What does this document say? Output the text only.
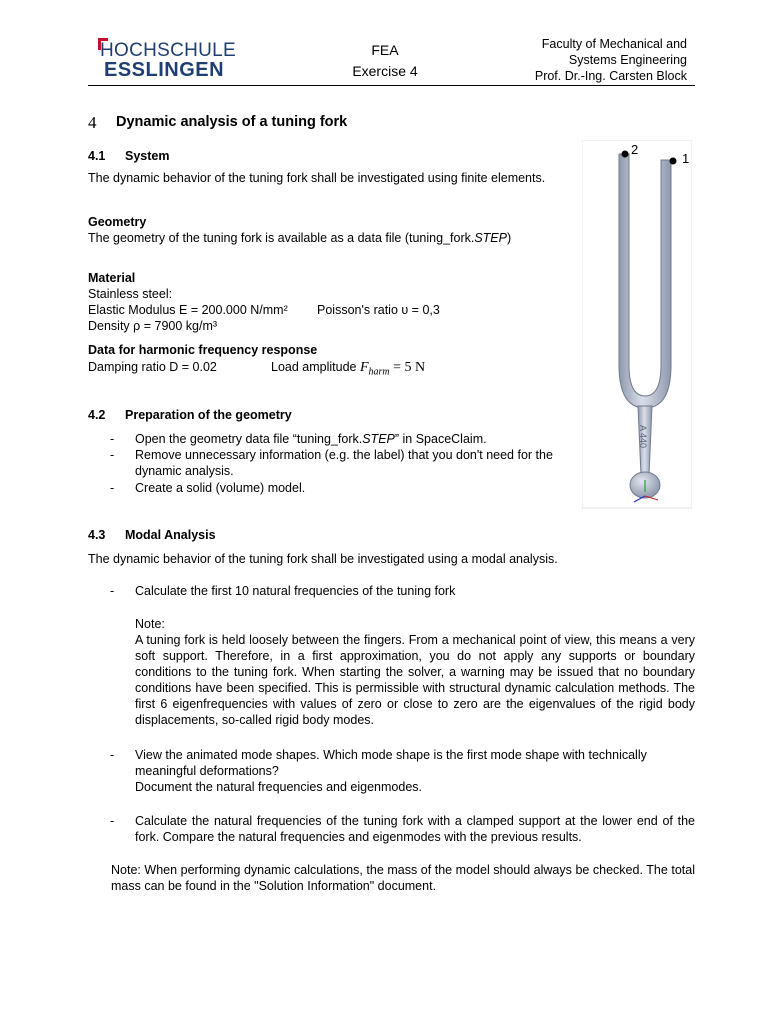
HOCHSCHULE
ESSLINGEN
FEA
Exercise 4
Faculty of Mechanical and
Systems Engineering
Prof. Dr.-Ing. Carsten Block
4 Dynamic analysis of a tuning fork
4.1 System
The dynamic behavior of the tuning fork shall be investigated using finite elements.
Geometry
The geometry of the tuning fork is available as a data file (tuning_fork.STEP)
Material
Stainless steel:
Elastic Modulus E = 200.000 N/mm² Poisson's ratio υ = 0,3
Density ρ = 7900 kg/m³
Data for harmonic frequency response
Damping ratio D = 0.02	Load amplitude $F_{harm} = 5$ N
4.2 Preparation of the geometry
- Open the geometry data file “tuning_fork.STEP” in SpaceClaim.
- Remove unnecessary information (e.g. the label) that you don't need for the
dynamic analysis.
- Create a solid (volume) model.
A 440
2
1
4.3 Modal Analysis
The dynamic behavior of the tuning fork shall be investigated using a modal analysis.
- Calculate the first 10 natural frequencies of the tuning fork
Note:
A tuning fork is held loosely between the fingers. From a mechanical point of view, this means a very soft support. Therefore, in a first approximation, you do not apply any supports or boundary conditions to the tuning fork. When starting the solver, a warning may be issued that no boundary conditions have been specified. This is permissible with structural dynamic calculation methods. The first 6 eigenfrequencies with values of zero or close to zero are the eigenvalues of the rigid body displacements, so-called rigid body modes.
- View the animated mode shapes. Which mode shape is the first mode shape with technically
meaningful deformations?
Document the natural frequencies and eigenmodes.
- Calculate the natural frequencies of the tuning fork with a clamped support at the lower end of the fork. Compare the natural frequencies and eigenmodes with the previous results.
Note: When performing dynamic calculations, the mass of the model should always be checked. The total mass can be found in the "Solution Information" document.
